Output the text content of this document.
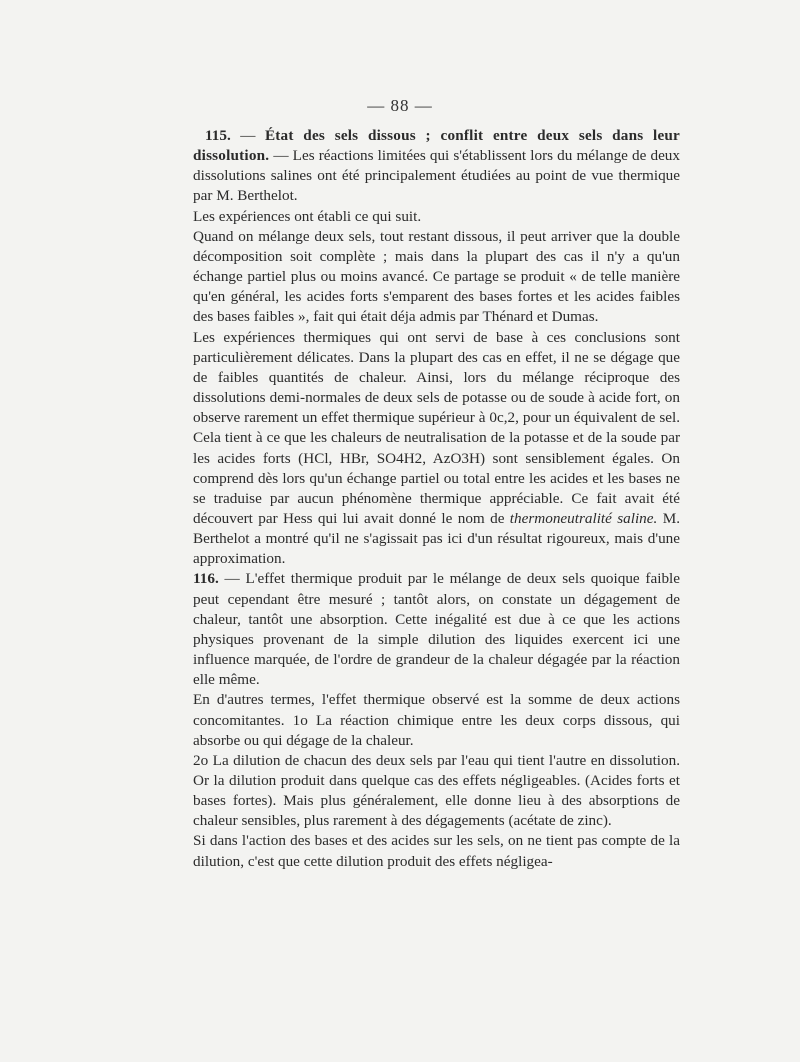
— 88 —

115. — État des sels dissous ; conflit entre deux sels dans leur dissolution. — Les réactions limitées qui s'établissent lors du mélange de deux dissolutions salines ont été principalement étudiées au point de vue thermique par M. Berthelot.

Les expériences ont établi ce qui suit.

Quand on mélange deux sels, tout restant dissous, il peut arriver que la double décomposition soit complète ; mais dans la plupart des cas il n'y a qu'un échange partiel plus ou moins avancé. Ce partage se produit « de telle manière qu'en général, les acides forts s'emparent des bases fortes et les acides faibles des bases faibles », fait qui était déja admis par Thénard et Dumas.

Les expériences thermiques qui ont servi de base à ces conclusions sont particulièrement délicates. Dans la plupart des cas en effet, il ne se dégage que de faibles quantités de chaleur. Ainsi, lors du mélange réciproque des dissolutions demi-normales de deux sels de potasse ou de soude à acide fort, on observe rarement un effet thermique supérieur à 0c,2, pour un équivalent de sel. Cela tient à ce que les chaleurs de neutralisation de la potasse et de la soude par les acides forts (HCl, HBr, SO4H2, AzO3H) sont sensiblement égales. On comprend dès lors qu'un échange partiel ou total entre les acides et les bases ne se traduise par aucun phénomène thermique appréciable. Ce fait avait été découvert par Hess qui lui avait donné le nom de thermoneutralité saline. M. Berthelot a montré qu'il ne s'agissait pas ici d'un résultat rigoureux, mais d'une approximation.

116. — L'effet thermique produit par le mélange de deux sels quoique faible peut cependant être mesuré ; tantôt alors, on constate un dégagement de chaleur, tantôt une absorption. Cette inégalité est due à ce que les actions physiques provenant de la simple dilution des liquides exercent ici une influence marquée, de l'ordre de grandeur de la chaleur dégagée par la réaction elle même.

En d'autres termes, l'effet thermique observé est la somme de deux actions concomitantes. 1o La réaction chimique entre les deux corps dissous, qui absorbe ou qui dégage de la chaleur.

2o La dilution de chacun des deux sels par l'eau qui tient l'autre en dissolution. Or la dilution produit dans quelque cas des effets négligeables. (Acides forts et bases fortes). Mais plus généralement, elle donne lieu à des absorptions de chaleur sensibles, plus rarement à des dégagements (acétate de zinc).

Si dans l'action des bases et des acides sur les sels, on ne tient pas compte de la dilution, c'est que cette dilution produit des effets négligea-
